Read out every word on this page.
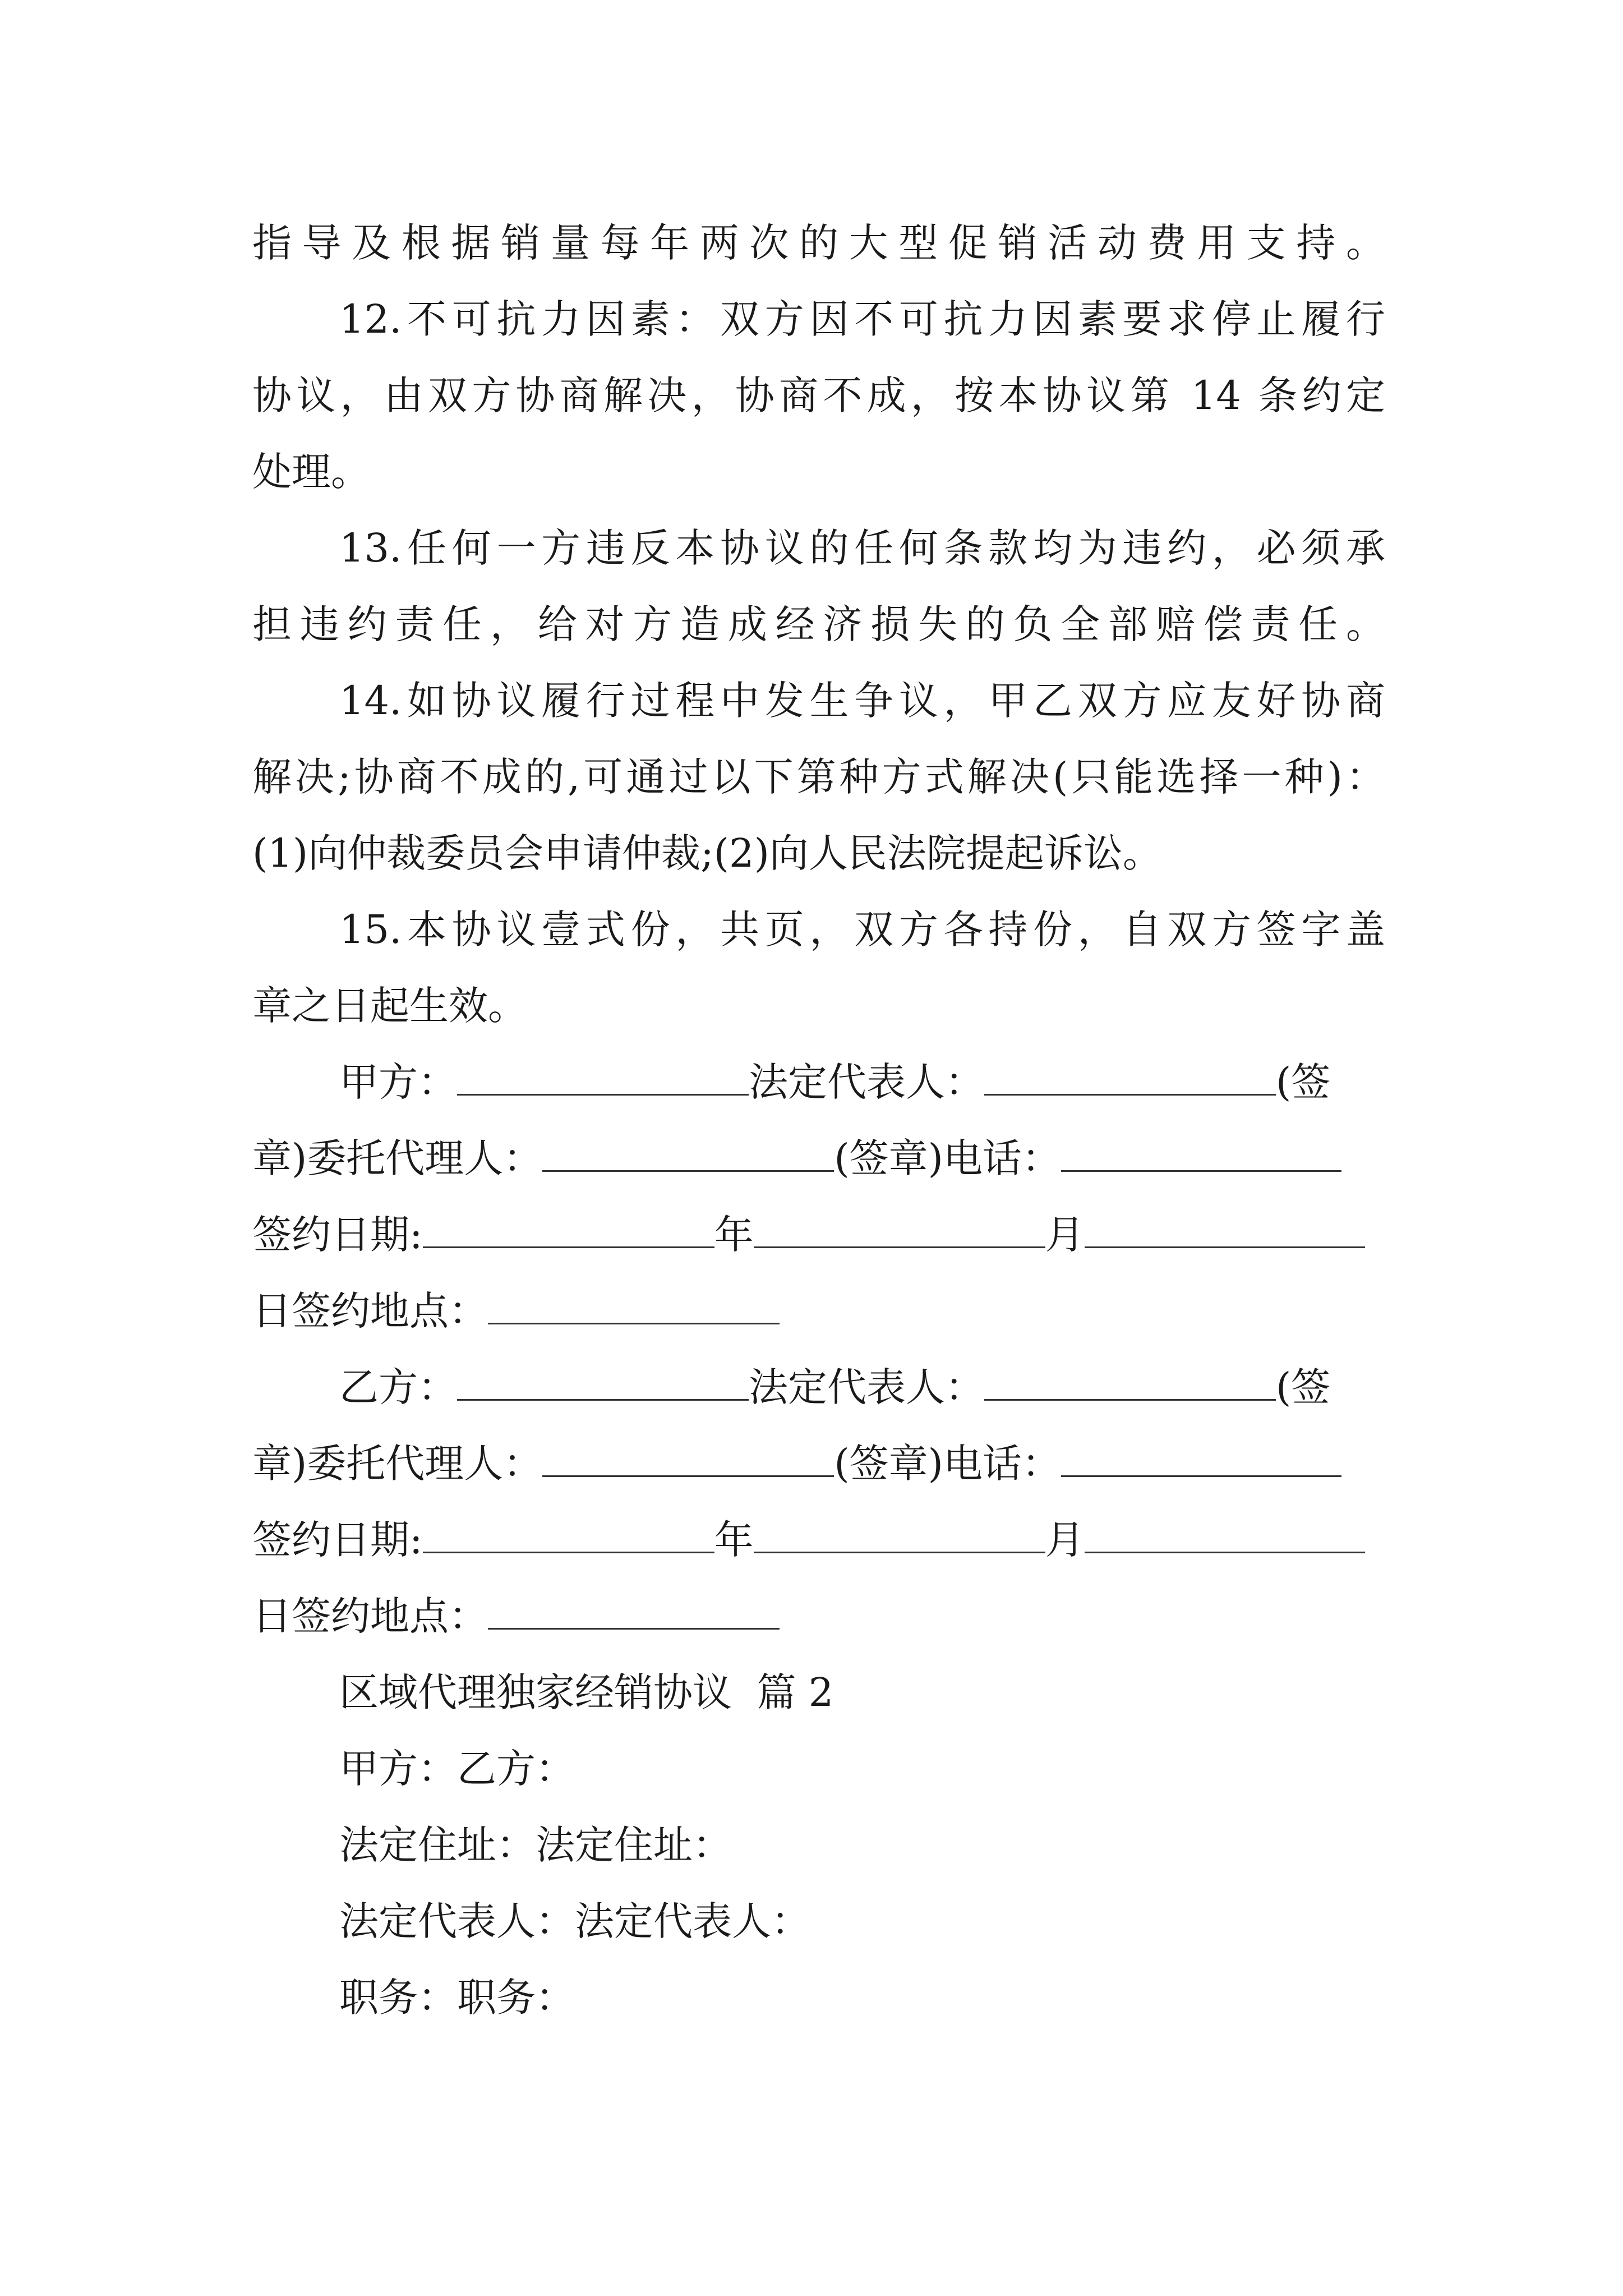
指导及根据销量每年两次的大型促销活动费用支持。
12.不可抗力因素：双方因不可抗力因素要求停止履行
协议，由双方协商解决，协商不成，按本协议第 14 条约定
处理。
13.任何一方违反本协议的任何条款均为违约，必须承
担违约责任，给对方造成经济损失的负全部赔偿责任。
14.如协议履行过程中发生争议，甲乙双方应友好协商
解决;协商不成的,可通过以下第种方式解决(只能选择一种)：
(1)向仲裁委员会申请仲裁;(2)向人民法院提起诉讼。
15.本协议壹式份，共页，双方各持份，自双方签字盖
章之日起生效。
甲方：	法定代表人：	(签
章)委托代理人：	(签章)电话：
签约日期:	年	月
日签约地点：
乙方：	法定代表人：	(签
章)委托代理人：	(签章)电话：
签约日期:	年	月
日签约地点：
区域代理独家经销协议  篇 2
甲方：乙方：
法定住址：法定住址：
法定代表人：法定代表人：
职务：职务：
